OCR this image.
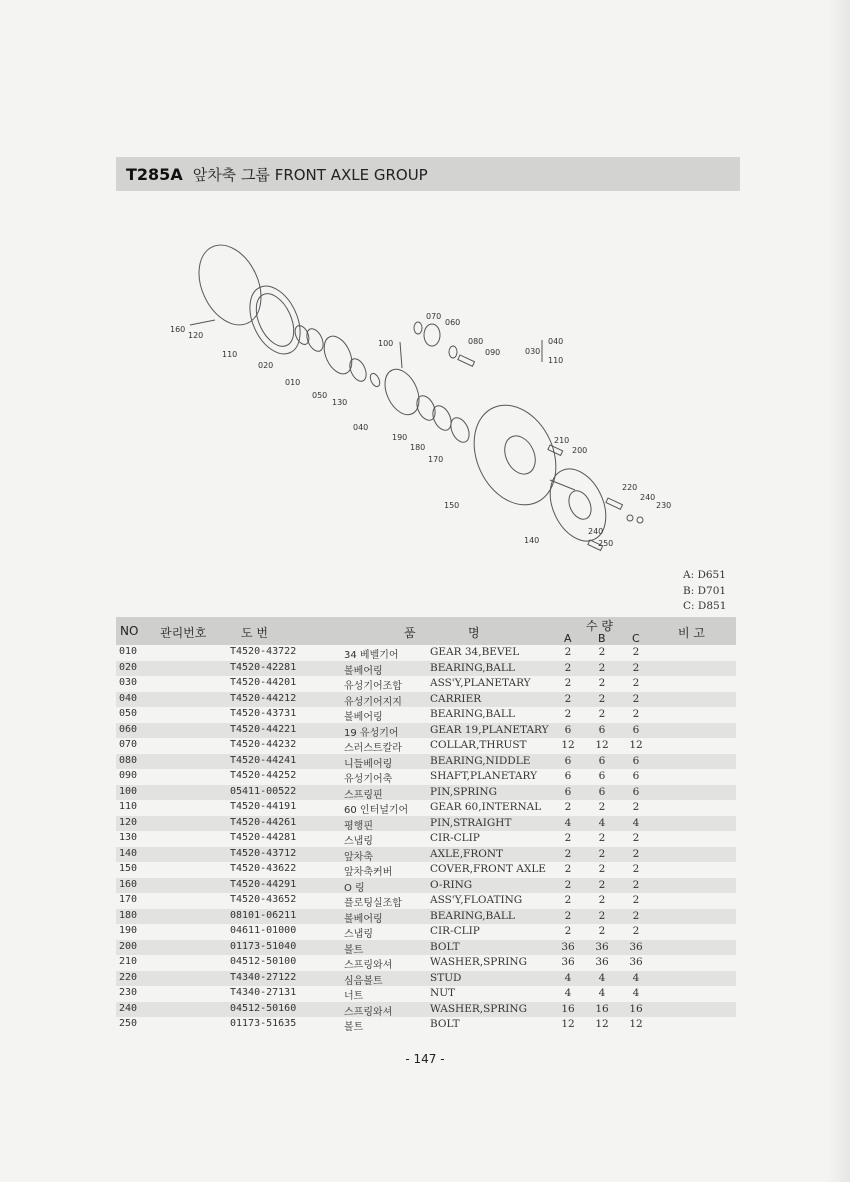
T285A 앞차축 그룹 FRONT AXLE GROUP
160
120
110
020
010
050
130
040
190
180
170
150
100
070
060
080
090	030
040
110
210
200
220
240
230
240
250
140
A: D651
B: D701
C: D851
NO 관리번호	도 번	품	명	수 량
A B C	비 고
010	T4520-43722	34 베벨기어	GEAR 34,BEVEL	2	2	2
020	T4520-42281	볼베어링	BEARING,BALL	2	2	2
030	T4520-44201	유성기어조합	ASS'Y,PLANETARY	2	2	2
040	T4520-44212	유성기어지지	CARRIER	2	2	2
050	T4520-43731	볼베어링	BEARING,BALL	2	2	2
060	T4520-44221	19 유성기어	GEAR 19,PLANETARY	6	6	6
070	T4520-44232	스러스트칼라	COLLAR,THRUST	12 12 12
080	T4520-44241	니들베어링	BEARING,NIDDLE	6	6	6
090	T4520-44252	유성기어축	SHAFT,PLANETARY	6	6	6
100	05411-00522	스프링핀	PIN,SPRING	6	6	6
110	T4520-44191	60 인터널기어 GEAR 60,INTERNAL	2	2	2
120	T4520-44261	평행핀	PIN,STRAIGHT	4	4	4
130	T4520-44281	스냅링	CIR-CLIP	2	2	2
140	T4520-43712	앞차축	AXLE,FRONT	2	2	2
150	T4520-43622	앞차축커버	COVER,FRONT AXLE	2	2	2
160	T4520-44291	O 링	O-RING	2	2	2
170	T4520-43652	플로팅실조합	ASS'Y,FLOATING	2	2	2
180	08101-06211	볼베어링	BEARING,BALL	2	2	2
190	04611-01000	스냅링	CIR-CLIP	2	2	2
200	01173-51040	볼트	BOLT	36 36 36
210	04512-50100	스프링와셔	WASHER,SPRING	36 36 36
220	T4340-27122	심음볼트	STUD	4	4	4
230	T4340-27131	너트	NUT	4	4	4
240	04512-50160	스프링와셔	WASHER,SPRING	16 16 16
250	01173-51635	볼트	BOLT	12 12 12
- 147 -
